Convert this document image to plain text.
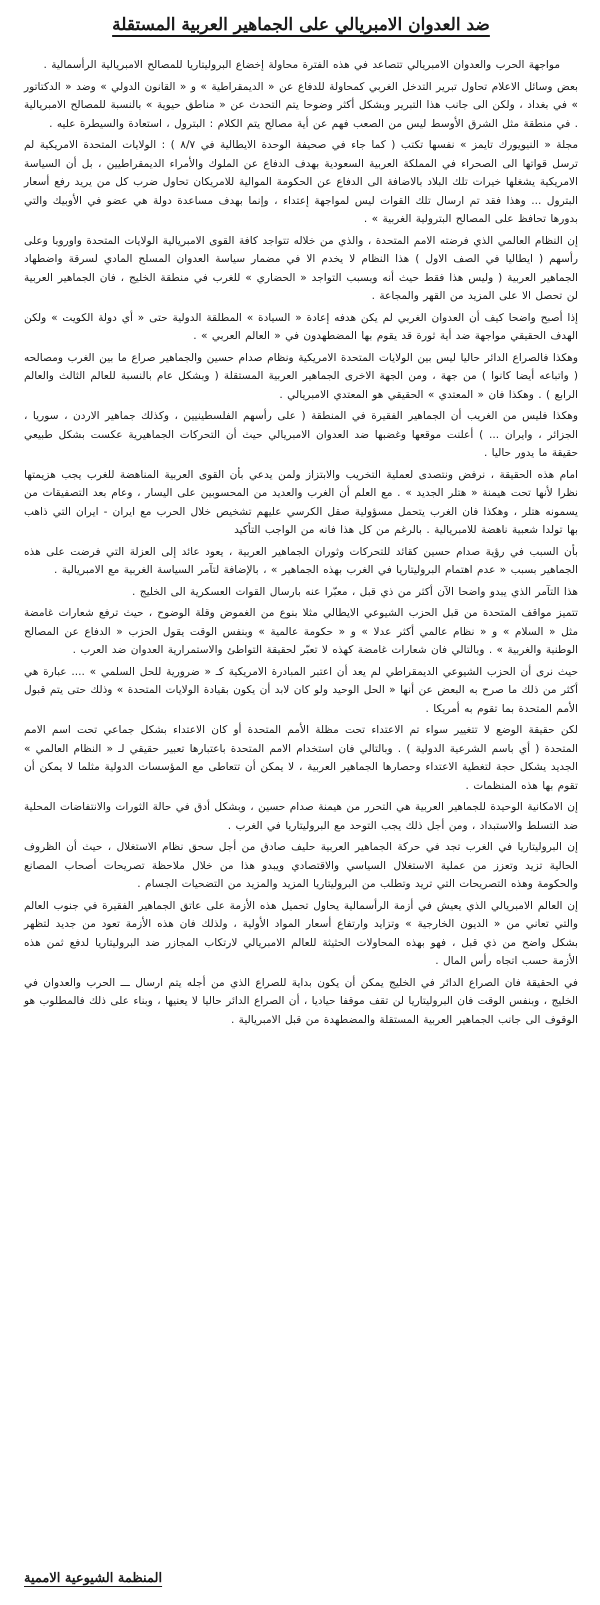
ضد العدوان الامبريالي على الجماهير العربية المستقلة

مواجهة الحرب والعدوان الامبريالي تتصاعد في هذه الفترة محاولة إخضاع البروليتاريا للمصالح الامبريالية الرأسمالية .

بعض وسائل الاعلام تحاول تبرير التدخل الغربي كمحاولة للدفاع عن « الديمقراطية » و « القانون الدولي » وضد « الدكتاتور » في بغداد ، ولكن الى جانب هذا التبرير وبشكل أكثر وضوحا يتم التحدث عن « مناطق حيوية » بالنسبة للمصالح الامبريالية . في منطقة مثل الشرق الأوسط ليس من الصعب فهم عن أية مصالح يتم الكلام : البترول ، استعادة والسيطرة عليه .

مجلة « النيويورك تايمز » نفسها تكتب ( كما جاء في صحيفة الوحدة الايطالية في ٨/٧ ) : الولايات المتحدة الامريكية لم ترسل قواتها الى الصحراء في المملكة العربية السعودية بهدف الدفاع عن الملوك والأمراء الديمقراطيين ، بل أن السياسة الامريكية يشغلها خيرات تلك البلاد بالاضافة الى الدفاع عن الحكومة الموالية للامريكان تحاول ضرب كل من يريد رفع أسعار البترول ... وهذا فقد تم ارسال تلك القوات ليس لمواجهة إعتداء ، وإنما بهدف مساعدة دولة هي عضو في الأوبيك والتي بدورها تحافظ على المصالح البترولية الغربية » .

إن النظام العالمي الذي فرضته الامم المتحدة ، والذي من خلاله تتواجد كافة القوى الامبريالية الولايات المتحدة واوروبا وعلى رأسهم ( ايطاليا في الصف الاول ) هذا النظام لا يخدم الا في مضمار سياسة العدوان المسلح المادي لسرقة واضطهاد الجماهير العربية ( وليس هذا فقط حيث أنه وبسبب التواجد « الحضاري » للغرب في منطقة الخليج ، فان الجماهير العربية لن تحصل الا على المزيد من القهر والمجاعة .

إذا أصبح واضحا كيف أن العدوان الغربي لم يكن هدفه إعادة « السيادة » المطلقة الدولية حتى « أي دولة الكويت » ولكن الهدف الحقيقي مواجهة ضد أية ثورة قد يقوم بها المضطهدون في « العالم العربي » .

وهكذا فالصراع الدائر حاليا ليس بين الولايات المتحدة الامريكية ونظام صدام حسين والجماهير صراع ما بين الغرب ومصالحه ( واتباعه أيضا كانوا ) من جهة ، ومن الجهة الاخرى الجماهير العربية المستقلة ( وبشكل عام بالنسبة للعالم الثالث والعالم الرابع ) . وهكذا فان « المعتدي » الحقيقي هو المعتدي الامبريالي .

وهكذا فليس من الغريب أن الجماهير الفقيرة في المنطقة ( على رأسهم الفلسطينيين ، وكذلك جماهير الاردن ، سوريا ، الجزائر ، وايران ... ) أعلنت موقعها وغضبها ضد العدوان الامبريالي حيث أن التحركات الجماهيرية عكست بشكل طبيعي حقيقة ما يدور حاليا .

امام هذه الحقيقة ، نرفض ونتصدى لعملية التخريب والابتزاز ولمن يدعي بأن القوى العربية المناهضة للغرب يجب هزيمتها نظرا لأنها تحت هيمنة « هتلر الجديد » . مع العلم أن الغرب والعديد من المحسوبين على اليسار ، وعام بعد التصفيقات من يسمونه هتلر ، وهكذا فان الغرب يتحمل مسؤولية صقل الكرسي عليهم تشخيص خلال الحرب مع ايران - ايران التي ذاهب بها تولدا شعبية ناهضة للامبريالية . بالرغم من كل هذا فانه من الواجب التأكيد

بأن السبب في رؤية صدام حسين كقائد للتحركات وثوران الجماهير العربية ، يعود عائد إلى العزلة التي فرضت على هذه الجماهير بسبب « عدم اهتمام البروليتاريا في الغرب بهذه الجماهير » ، بالإضافة لتآمر السياسة الغربية مع الامبريالية .

هذا التآمر الذي يبدو واضحا الآن أكثر من ذي قبل ، معبّرا عنه بارسال القوات العسكرية الى الخليج .

تتميز مواقف المتحدة من قبل الحزب الشيوعي الايطالي مثلا بنوع من الغموض وقلة الوضوح ، حيث ترفع شعارات غامضة مثل « السلام » و « نظام عالمي أكثر عدلا » و « حكومة عالمية » وبنفس الوقت يقول الحزب « الدفاع عن المصالح الوطنية والغربية » . وبالتالي فان شعارات غامضة كهذه لا تعبّر لحقيقة التواطئ والاستمرارية العدوان ضد العرب .

حيث نرى أن الحزب الشيوعي الديمقراطي لم يعد أن اعتبر المبادرة الامريكية كـ « ضرورية للحل السلمي » .... عبارة هي أكثر من ذلك ما صرح به البعض عن أنها « الحل الوحيد ولو كان لابد أن يكون بقيادة الولايات المتحدة » وذلك حتى يتم قبول الأمم المتحدة بما تقوم به أمريكا .

لكن حقيقة الوضع لا تتغيير سواء تم الاعتداء تحت مظلة الأمم المتحدة أو كان الاعتداء بشكل جماعي تحت اسم الامم المتحدة ( أي باسم الشرعية الدولية ) . وبالتالي فان استخدام الامم المتحدة باعتبارها تعبير حقيقي لـ « النظام العالمي » الجديد يشكل حجة لتغطية الاعتداء وحصارها الجماهير العربية ، لا يمكن أن تتعاطى مع المؤسسات الدولية مثلما لا يمكن أن تقوم بها هذه المنظمات .

إن الامكانية الوحيدة للجماهير العربية هي التحرر من هيمنة صدام حسين ، وبشكل أدق في حالة الثورات والانتفاضات المحلية ضد التسلط والاستبداد ، ومن أجل ذلك يجب التوحد مع البروليتاريا في الغرب .

إن البروليتاريا في الغرب تجد في حركة الجماهير العربية حليف صادق من أجل سحق نظام الاستغلال ، حيث أن الظروف الحالية تزيد وتعزز من عملية الاستغلال السياسي والاقتصادي ويبدو هذا من خلال ملاحظة تصريحات أصحاب المصانع والحكومة وهذه التصريحات التي تريد وتطلب من البروليتاريا المزيد والمزيد من التضحيات الجسام .

إن العالم الامبريالي الذي يعيش في أزمة الرأسمالية يحاول تحميل هذه الأزمة على عاتق الجماهير الفقيرة في جنوب العالم والتي تعاني من « الديون الخارجية » وتزايد وارتفاع أسعار المواد الأولية ، ولذلك فان هذه الأزمة تعود من جديد لتظهر بشكل واضح من ذي قبل ، فهو بهذه المحاولات الحثيثة للعالم الامبريالي لارتكاب المجازر ضد البروليتاريا لدفع ثمن هذه الأزمة حسب اتجاه رأس المال .

في الحقيقة فان الصراع الدائر في الخليج يمكن أن يكون بداية للصراع الذي من أجله يتم ارسال ـــ الحرب والعدوان في الخليج ، وبنفس الوقت فان البروليتاريا لن تقف موقفا حياديا ، أن الصراع الدائر حاليا لا يعنيها ، وبناء على ذلك فالمطلوب هو الوقوف الى جانب الجماهير العربية المستقلة والمضطهدة من قبل الامبريالية .

المنظمة الشيوعية الاممية
